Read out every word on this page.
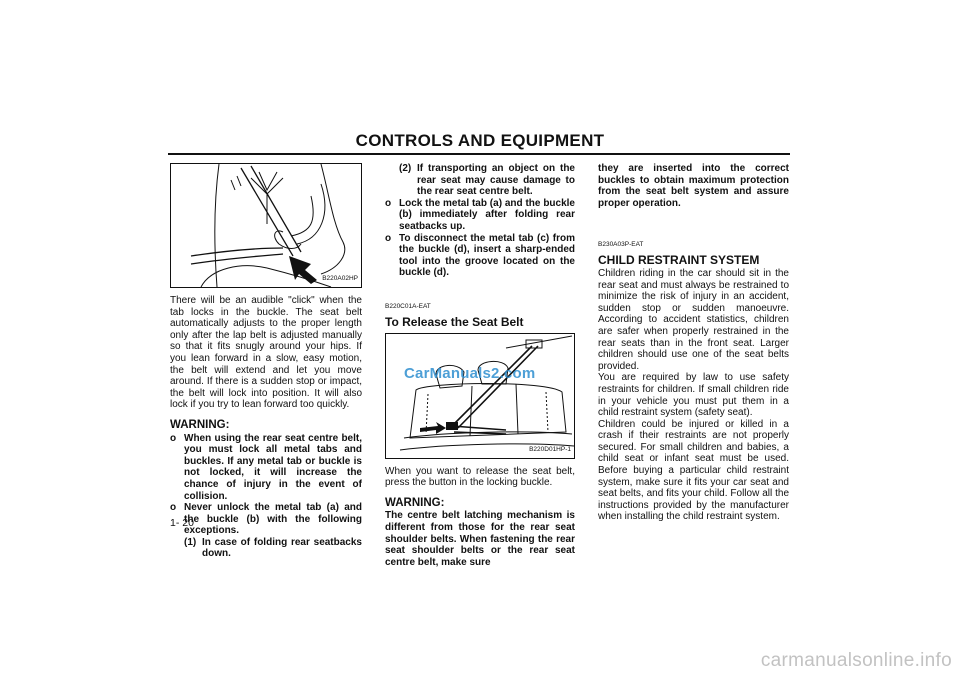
CONTROLS AND EQUIPMENT
B220A02HP
There will be an audible "click" when the tab locks in the buckle. The seat belt automatically adjusts to the proper length only after the lap belt is adjusted manually so that it fits snugly around your hips. If you lean forward in a slow, easy motion, the belt will extend and let you move around. If there is a sudden stop or impact, the belt will lock into position. It will also lock if you try to lean forward too quickly.
WARNING:
o When using the rear seat centre belt, you must lock all metal tabs and buckles. If any metal tab or buckle is not locked, it will increase the chance of injury in the event of collision.
o Never unlock the metal tab (a) and the buckle (b) with the following exceptions.
(1) In case of folding rear seatbacks down.
(2) If transporting an object on the rear seat may cause damage to the rear seat centre belt.
o Lock the metal tab (a) and the buckle (b) immediately after folding rear seatbacks up.
o To disconnect the metal tab (c) from the buckle (d), insert a sharp-ended tool into the groove located on the buckle (d).
B220C01A-EAT
To Release the Seat Belt
CarManuals2.com
B220D01HP-1
When you want to release the seat belt, press the button in the locking buckle.
WARNING:
The centre belt latching mechanism is different from those for the rear seat shoulder belts. When fastening the rear seat shoulder belts or the rear seat centre belt, make sure
they are inserted into the correct buckles to obtain maximum protection from the seat belt system and assure proper operation.
B230A03P-EAT
CHILD RESTRAINT SYSTEM
Children riding in the car should sit in the rear seat and must always be restrained to minimize the risk of injury in an accident, sudden stop or sudden manoeuvre. According to accident statistics, children are safer when properly restrained in the rear seats than in the front seat. Larger children should use one of the seat belts provided.
You are required by law to use safety restraints for children. If small children ride in your vehicle you must put them in a child restraint system (safety seat).
Children could be injured or killed in a crash if their restraints are not properly secured. For small children and babies, a child seat or infant seat must be used. Before buying a particular child restraint system, make sure it fits your car seat and seat belts, and fits your child. Follow all the instructions provided by the manufacturer when installing the child restraint system.
1- 20
carmanualsonline.info
